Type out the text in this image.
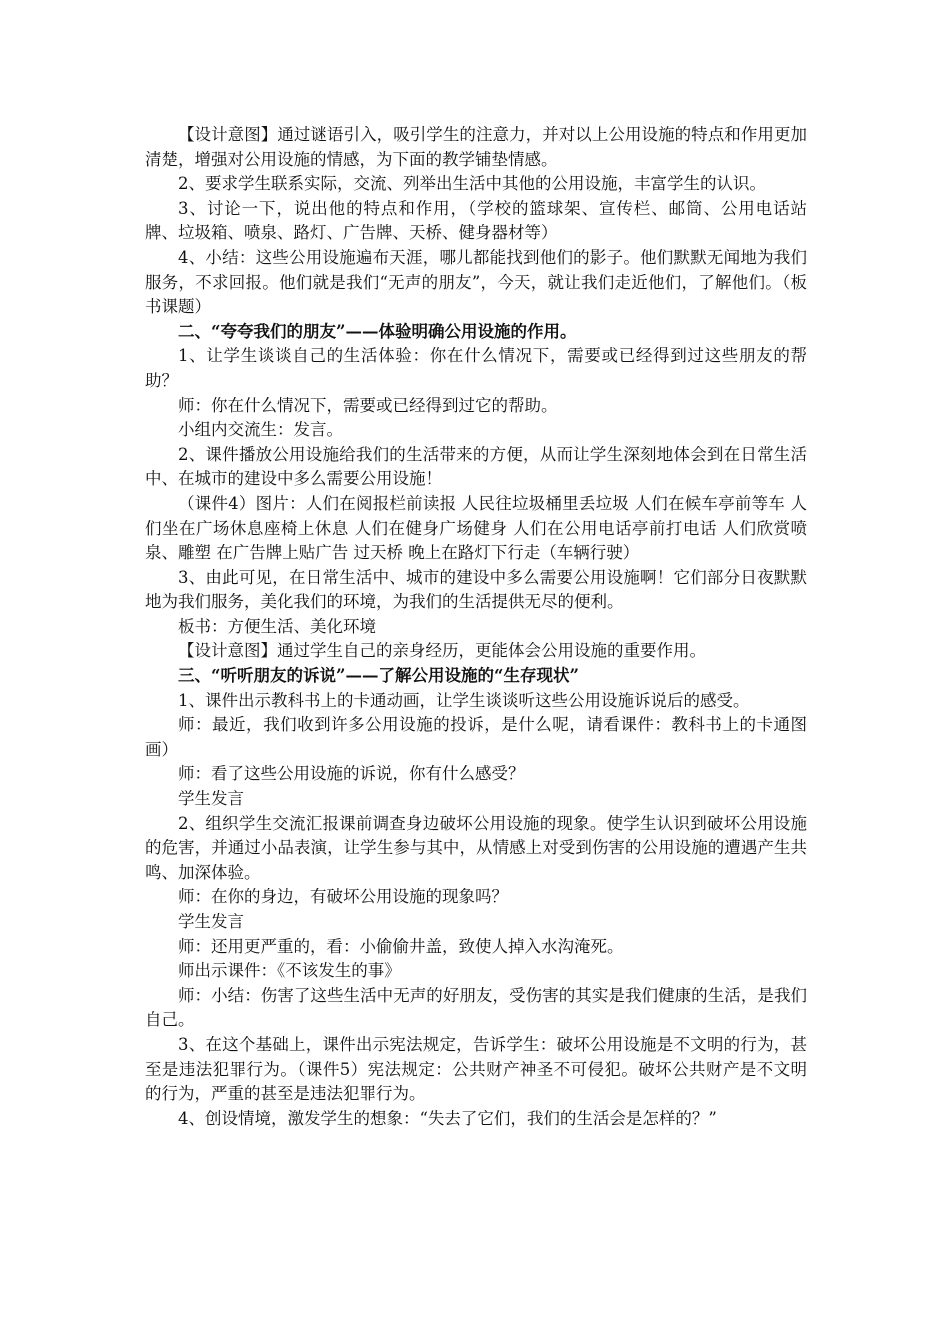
【设计意图】通过谜语引入，吸引学生的注意力，并对以上公用设施的特点和作用更加清楚，增强对公用设施的情感，为下面的教学铺垫情感。

2、要求学生联系实际，交流、列举出生活中其他的公用设施，丰富学生的认识。

3、讨论一下，说出他的特点和作用，（学校的篮球架、宣传栏、邮筒、公用电话站牌、垃圾箱、喷泉、路灯、广告牌、天桥、健身器材等）

4、小结：这些公用设施遍布天涯，哪儿都能找到他们的影子。他们默默无闻地为我们服务，不求回报。他们就是我们“无声的朋友”，今天，就让我们走近他们，了解他们。（板书课题）

二、“夸夸我们的朋友”——体验明确公用设施的作用。

1、让学生谈谈自己的生活体验：你在什么情况下，需要或已经得到过这些朋友的帮助？

师：你在什么情况下，需要或已经得到过它的帮助。

小组内交流生：发言。

2、课件播放公用设施给我们的生活带来的方便，从而让学生深刻地体会到在日常生活中、在城市的建设中多么需要公用设施！

（课件4）图片：人们在阅报栏前读报 人民往垃圾桶里丢垃圾 人们在候车亭前等车 人们坐在广场休息座椅上休息 人们在健身广场健身 人们在公用电话亭前打电话 人们欣赏喷泉、雕塑 在广告牌上贴广告 过天桥 晚上在路灯下行走（车辆行驶）

3、由此可见，在日常生活中、城市的建设中多么需要公用设施啊！它们部分日夜默默地为我们服务，美化我们的环境，为我们的生活提供无尽的便利。

板书：方便生活、美化环境

【设计意图】通过学生自己的亲身经历，更能体会公用设施的重要作用。

三、“听听朋友的诉说”——了解公用设施的“生存现状”

1、课件出示教科书上的卡通动画，让学生谈谈听这些公用设施诉说后的感受。

师：最近，我们收到许多公用设施的投诉，是什么呢，请看课件：教科书上的卡通图画）

师：看了这些公用设施的诉说，你有什么感受？

学生发言

2、组织学生交流汇报课前调查身边破坏公用设施的现象。使学生认识到破坏公用设施的危害，并通过小品表演，让学生参与其中，从情感上对受到伤害的公用设施的遭遇产生共鸣、加深体验。

师：在你的身边，有破坏公用设施的现象吗？

学生发言

师：还用更严重的，看：小偷偷井盖，致使人掉入水沟淹死。

师出示课件：《不该发生的事》

师：小结：伤害了这些生活中无声的好朋友，受伤害的其实是我们健康的生活，是我们自己。

3、在这个基础上，课件出示宪法规定，告诉学生：破坏公用设施是不文明的行为，甚至是违法犯罪行为。（课件5）宪法规定：公共财产神圣不可侵犯。破坏公共财产是不文明的行为，严重的甚至是违法犯罪行为。

4、创设情境，激发学生的想象：“失去了它们，我们的生活会是怎样的？”
